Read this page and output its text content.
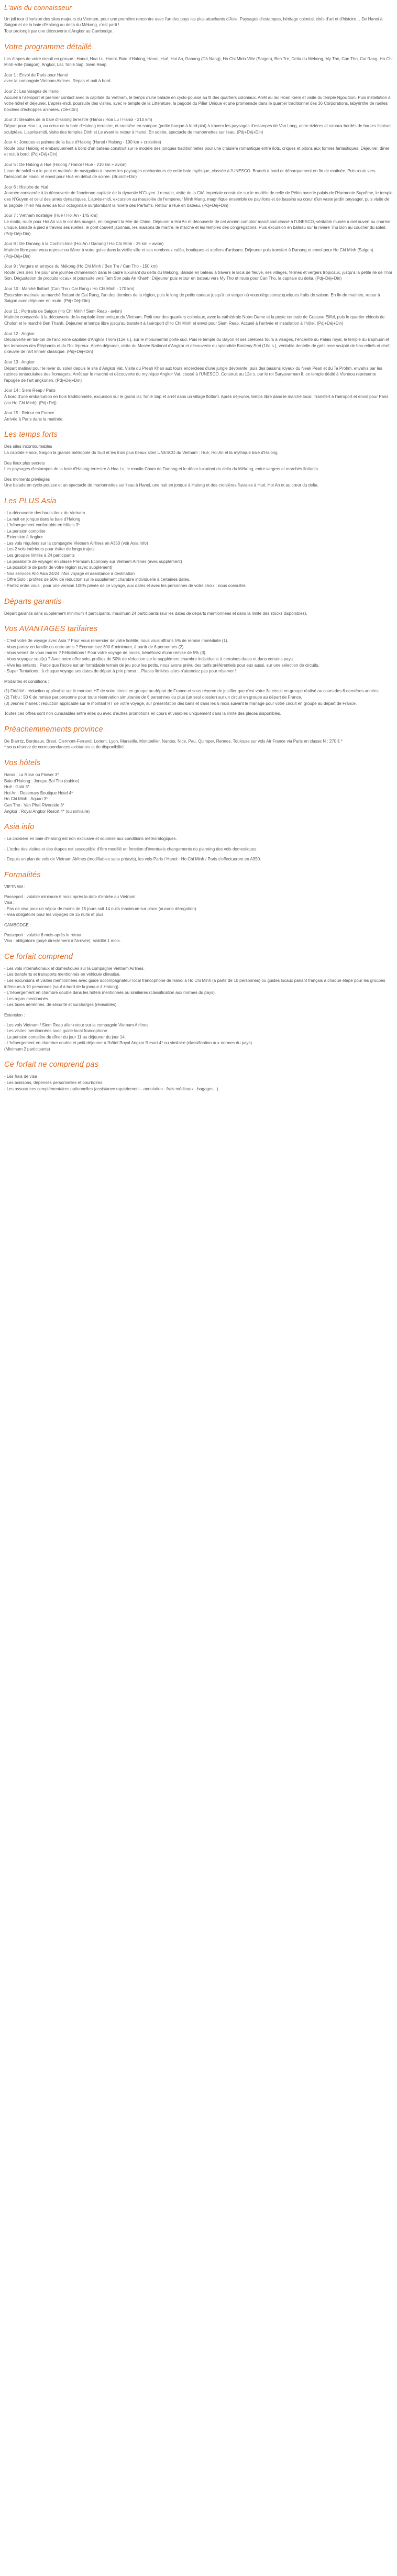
L'avis du connaisseur

Un joli tour d'horizon des sites majeurs du Vietnam, pour une première rencontre avec l'un des pays les plus attachants d'Asie. Paysages d'estampes, héritage colonial, cités d'art et d'histoire… De Hanoi à Saigon et de la baie d'Halong au delta du Mékong, c'est parti !
Tour prolongé par une découverte d'Angkor au Cambodge.

Votre programme détaillé

Les étapes de votre circuit en groupe : Hanoi, Hoa Lu, Hanoi, Baie d'Halong, Hanoi, Hué, Hoi An, Danang (Dà Nang), Ho Chi Minh-Ville (Saigon), Ben Tre, Delta du Mékong, My Tho, Can Tho, Cai Rang, Ho Chi Minh-Ville (Saigon), Angkor, Lac Tonlé Sap, Siem Reap

Jour 1 : Envol de Paris pour Hanoi
avec la compagnie Vietnam Airlines. Repas et nuit à bord.
Jour 2 : Les visages de Hanoi
Accueil à l'aéroport et premier contact avec la capitale du Vietnam, le temps d'une balade en cyclo-pousse au fil des quartiers coloniaux. Arrêt au lac Hoan Kiem et visite du temple Ngoc Son. Puis installation à votre hôtel et déjeuner. L'après-midi, poursuite des visites, avec le temple de la Littérature, la pagode du Pilier Unique et une promenade dans le quartier traditionnel des 36 Corporations, labyrinthe de ruelles bordées d'échoppes animées. (Dé+Din)
Jour 3 : Beautés de la baie d'Halong terrestre (Hanoi / Hoa Lu / Hanoi - 210 km)
Départ pour Hoa Lu, au cœur de la baie d'Halong terrestre, et croisière en sampan (petite barque à fond plat) à travers les paysages d'estampes de Van Long, entre rizières et canaux bordés de hautes falaises sculptées. L'après-midi, visite des temples Dinh et Le avant le retour à Hanoi. En soirée, spectacle de marionnettes sur l'eau. (Pdj+Déj+Din)
Jour 4 : Jonques et palmes de la baie d'Halong (Hanoi / Halong - 190 km + croisière)
Route pour Halong et embarquement à bord d'un bateau construit sur le modèle des jonques traditionnelles pour une croisière romantique entre îlots, criques et pitons aux formes fantastiques. Déjeuner, dîner et nuit à bord. (Pdj+Déj+Din)
Jour 5 : De Halong à Hué (Halong / Hanoi / Hué - 210 km + avion)
Lever de soleil sur le pont et matinée de navigation à travers les paysages enchanteurs de cette baie mythique, classée à l'UNESCO. Brunch à bord et débarquement en fin de matinée. Puis route vers l'aéroport de Hanoi et envol pour Hué en début de soirée. (Brunch+Din)
Jour 6 : Histoire de Hué
Journée consacrée à la découverte de l'ancienne capitale de la dynastie N'Guyen. Le matin, visite de la Cité Impériale construite sur le modèle de celle de Pékin avec le palais de l'Harmonie Suprême, le temple des N'Guyen et celui des urnes dynastiques. L'après-midi, excursion au mausolée de l'empereur Minh Mang, magnifique ensemble de pavillons et de bassins au cœur d'un vaste jardin paysager, puis visite de la pagode Thien Mu avec sa tour octogonale surplombant la rivière des Parfums. Retour à Hué en bateau. (Pdj+Déj+Din)
Jour 7 : Vietnam nostalgie (Hué / Hoi An - 145 km)
Le matin, route pour Hoi An via le col des nuages, en longeant la Mer de Chine. Déjeuner à Hoi An et découverte de cet ancien comptoir marchand classé à l'UNESCO, véritable musée à ciel ouvert au charme unique. Balade à pied à travers ses ruelles, le pont couvert japonais, les maisons de maître, le marché et les temples des congrégations. Puis excursion en bateau sur la rivière Thu Bon au coucher du soleil. (Pdj+Déj+Din)
Jour 8 : De Danang à la Cochinchine (Hoi An / Danang / Ho Chi Minh - 35 km + avion)
Matinée libre pour vous reposer ou flâner à votre guise dans la vieille ville et ses nombreux cafés, boutiques et ateliers d'artisans. Déjeuner puis transfert à Danang et envol pour Ho Chi Minh (Saigon). (Pdj+Déj+Din)
Jour 9 : Vergers et arroyos du Mékong (Ho Chi Minh / Ben Tre / Can Tho - 150 km)
Route vers Ben Tre pour une journée d'immersion dans le cadre luxuriant du delta du Mékong. Balade en bateau à travers le lacis de fleuve, ses villages, fermes et vergers tropicaux, jusqu'à la petite île de Thoi Son. Dégustation de produits locaux et poursuite vers Tam Son puis An Khanh. Déjeuner puis retour en bateau vers My Tho et route pour Can Tho, la capitale du delta. (Pdj+Déj+Din)
Jour 10 : Marché flottant (Can Tho / Cai Rang / Ho Chi Minh - 170 km)
Excursion matinale au marché flottant de Cai Rang, l'un des derniers de la région, puis le long de petits canaux jusqu'à un verger où vous dégusterez quelques fruits de saison. En fin de matinée, retour à Saigon avec déjeuner en route. (Pdj+Déj+Din)
Jour 11 : Portraits de Saigon (Ho Chi Minh / Siem Reap - avion)
Matinée consacrée à la découverte de la capitale économique du Vietnam. Petit tour des quartiers coloniaux, avec la cathédrale Notre-Dame et la poste centrale de Gustave Eiffel, puis le quartier chinois de Cholon et le marché Ben Thanh. Déjeuner et temps libre jusqu'au transfert à l'aéroport d'Ho Chi Minh et envol pour Siem Reap. Accueil à l'arrivée et installation à l'hôtel. (Pdj+Déj+Din)
Jour 12 : Angkor
Découverte en tuk-tuk de l'ancienne capitale d'Angkor Thom (12e s.), sur le monumental porte sud. Puis le temple du Bayon et ses célèbres tours à visages, l'enceinte du Palais royal, le temple du Baphuon et les terrasses des Éléphants et du Roi lépreux. Après déjeuner, visite du Musée National d'Angkor et découverte du splendide Banteay Srei (10e s.), véritable dentelle de grès rose sculpté de bas-reliefs et chef-d'œuvre de l'art khmer classique. (Pdj+Déj+Din)
Jour 13 : Angkor
Départ matinal pour le lever du soleil depuis le site d'Angkor Vat. Visite du Preah Khan aux tours encerclées d'une jungle dévorante, puis des bassins royaux du Neak Pean et du Ta Prohm, envahis par les racines tentaculaires des fromagers. Arrêt sur le marché et découverte du mythique Angkor Vat, classé à l'UNESCO. Construit au 12e s. par le roi Suryavarman II, ce temple dédié à Vishnou représente l'apogée de l'art angkorien. (Pdj+Déj+Din)
Jour 14 : Siem Reap / Paris
À bord d'une embarcation en bois traditionnelle, excursion sur le grand lac Tonlé Sap et arrêt dans un village flottant. Après déjeuner, temps libre dans le marché local. Transfert à l'aéroport et envol pour Paris (via Ho Chi Minh). (Pdj+Déj)
Jour 15 : Retour en France
Arrivée à Paris dans la matinée.
Les temps forts

Des sites incontournables
La capitale Hanoi, Saigon la grande métropole du Sud et les trois plus beaux sites UNESCO du Vietnam : Hué, Hoi An et la mythique baie d'Halong.

Des lieux plus secrets
Les paysages d'estampes de la baie d'Halong terrestre à Hoa Lu, le moulin Cham de Danang et le décor luxuriant du delta du Mékong, entre vergers et marchés flottants.

Des moments privilégiés
Une balade en cyclo-pousse et un spectacle de marionnettes sur l'eau à Hanoi, une nuit en jonque à Halong et des croisières fluviales à Hué, Hoi An et au cœur du delta.

Les PLUS Asia
- La découverte des hauts-lieux du Vietnam
- La nuit en jonque dans la baie d'Halong
- L'hébergement confortable en hôtels 3*
- La pension complète
- Extension à Angkor
- Les vols réguliers sur la compagnie Vietnam Airlines en A350 (voir Asia Info)
- Les 2 vols intérieurs pour éviter de longs trajets
- Les groupes limités à 24 participants
- La possibilité de voyager en classe Premium Economy sur Vietnam Airlines (avec supplément)
- La possibilité de partir de votre région (avec supplément)
- Nos services Allô Asia 24/24 infos voyage et assistance à destination
- Offre Solo : profitez de 50% de réduction sur le supplément chambre individuelle à certaines dates.
- Partez entre vous : pour une version 100% privée de ce voyage, aux dates et avec les personnes de votre choix : nous consulter.
Départs garantis

Départ garantis sans supplément minimum 4 participants, maximum 24 participants (sur les dates de départs mentionnées et dans la limite des stocks disponibles).

Vos AVANTAGES tarifaires
- C'est votre 3e voyage avec Asia ? Pour vous remercier de votre fidélité, nous vous offrons 5% de remise immédiate (1).
- Vous partez en famille ou entre amis ? Économisez 300 € minimum, à partir de 6 personnes (2)
- Vous venez de vous marier ? Félicitations ! Pour votre voyage de noces, bénéficiez d'une remise de 5% (3).
- Vous voyagez seul(e) ? Avec notre offre solo, profitez de 50% de réduction sur le supplément chambre individuelle à certaines dates et dans certains pays.
- Vive les enfants ! Parce que l'école est un formidable terrain de jeu pour les petits, nous avons prévu des tarifs préférentiels pour eux aussi, sur une sélection de circuits.
- Super Tentations : à chaque voyage ses dates de départ à prix promo… Places limitées alors n'attendez pas pour réserver !

Modalités et conditions :

(1) Fidélité : réduction applicable sur le montant HT de votre circuit en groupe au départ de France et sous réserve de justifier que c'est votre 3e circuit en groupe réalisé au cours des 6 dernières années.
(2) Tribu : 50 € de remise par personne pour toute réservation simultanée de 6 personnes ou plus (un seul dossier) sur un circuit en groupe au départ de France.
(3) Jeunes mariés : réduction applicable sur le montant HT de votre voyage, sur présentation des bans et dans les 6 mois suivant le mariage pour votre circuit en groupe au départ de France.

Toutes ces offres sont non cumulables entre elles ou avec d'autres promotions en cours et valables uniquement dans la limite des places disponibles.

Préacheminements province

De Biarritz, Bordeaux, Brest, Clermont-Ferrand, Lorient, Lyon, Marseille, Montpellier, Nantes, Nice, Pau, Quimper, Rennes, Toulouse sur vols Air France via Paris en classe N : 270 € *
* sous réserve de correspondances existantes et de disponibilité.

Vos hôtels
Hanoi : La Rose ou Flower 3*
Baie d'Halong : Jonque Bai Tho (cabine)
Hué : Gold 3*
Hoi An : Rosemary Boutique Hotel 4*
Ho Chi Minh : Aquari 3*
Can Tho : Van Phat Riverside 3*
Angkor : Royal Angkor Resort 4* (ou similaire)
Asia info

- La croisière en baie d'Halong est non exclusive et soumise aux conditions météorologiques.

- L'ordre des visites et des étapes est susceptible d'être modifié en fonction d'éventuels changements du planning des vols domestiques.

- Depuis un plan de vols de Vietnam Airlines (modifiables sans préavis), les vols Paris / Hanoi - Ho Chi Minh / Paris s'effectueront en A350.

Formalités

VIETNAM :

Passeport : valable minimum 6 mois après la date d'entrée au Vietnam.
Visa :
- Pas de visa pour un séjour de moins de 15 jours soit 14 nuits maximum sur place (aucune dérogation).
- Visa obligatoire pour les voyages de 15 nuits et plus.

CAMBODGE :

Passeport : valable 6 mois après le retour.
Visa : obligatoire (payé directement à l'arrivée). Validité 1 mois.
Ce forfait comprend
- Les vols internationaux et domestiques sur la compagnie Vietnam Airlines.
- Les transferts et transports mentionnés en véhicule climatisé.
- Les excursions et visites mentionnées avec guide accompagnateur local francophone de Hanoi à Ho Chi Minh (à partir de 10 personnes) ou guides locaux parlant français à chaque étape pour les groupes inférieurs à 10 personnes (sauf à bord de la jonque à Halong).
- L'hébergement en chambre double dans les hôtels mentionnés ou similaires (classification aux normes du pays).
- Les repas mentionnés.
- Les taxes aériennes, de sécurité et surcharges (révisables).

Extension :

- Les vols Vietnam / Siem Reap aller-retour sur la compagnie Vietnam Airlines.
- Les visites mentionnées avec guide local francophone.
- La pension complète du dîner du jour 11 au déjeuner du jour 14.
- L'hébergement en chambre double et petit déjeuner à l'hôtel Royal Angkor Resort 4* ou similaire (classification aux normes du pays).
(Minimum 2 participants)
Ce forfait ne comprend pas
- Les frais de visa
- Les boissons, dépenses personnelles et pourboires.
- Les assurances complémentaires optionnelles (assistance rapatriement - annulation - frais médicaux - bagages...).
